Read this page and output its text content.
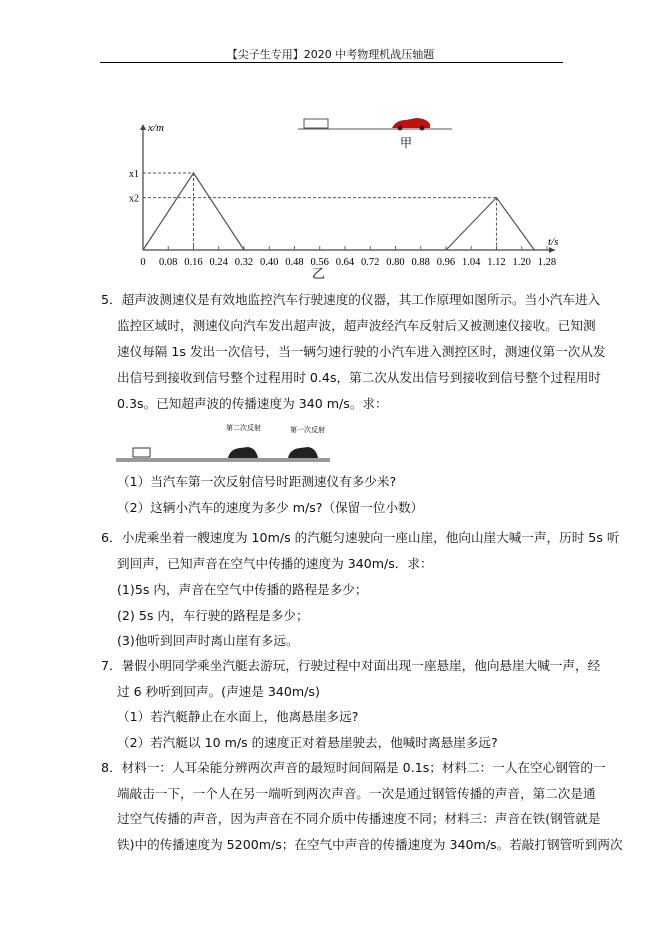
【尖子生专用】2020 中考物理机战压轴题
甲
x/m
t/s
0 0.08 0.16 0.24 0.32 0.40 0.48 0.56 0.64 0.72 0.80 0.88 0.96 1.04 1.12 1.20 1.28
x1
x2
乙
5．超声波测速仪是有效地监控汽车行驶速度的仪器，其工作原理如图所示。当小汽车进入
监控区域时，测速仪向汽车发出超声波，超声波经汽车反射后又被测速仪接收。已知测
速仪每隔 1s 发出一次信号，当一辆匀速行驶的小汽车进入测控区时，测速仪第一次从发
出信号到接收到信号整个过程用时 0.4s，第二次从发出信号到接收到信号整个过程用时
0.3s。已知超声波的传播速度为 340 m/s。求：
（1）当汽车第一次反射信号时距测速仪有多少米?
（2）这辆小汽车的速度为多少 m/s?（保留一位小数）
第二次反射	第一次反射
6．小虎乘坐着一艘速度为 10m/s 的汽艇匀速驶向一座山崖，他向山崖大喊一声，历时 5s 听
到回声，已知声音在空气中传播的速度为 340m/s．求：
(1)5s 内，声音在空气中传播的路程是多少；
(2) 5s 内，车行驶的路程是多少；
(3)他听到回声时离山崖有多远。
7．暑假小明同学乘坐汽艇去游玩，行驶过程中对面出现一座悬崖，他向悬崖大喊一声，经
过 6 秒听到回声。(声速是 340m/s)
（1）若汽艇静止在水面上，他离悬崖多远?
（2）若汽艇以 10 m/s 的速度正对着悬崖驶去，他喊时离悬崖多远?
8．材料一：人耳朵能分辨两次声音的最短时间间隔是 0.1s；材料二：一人在空心钢管的一
端敲击一下，一个人在另一端听到两次声音。一次是通过钢管传播的声音，第二次是通
过空气传播的声音，因为声音在不同介质中传播速度不同；材料三：声音在铁(钢管就是
铁)中的传播速度为 5200m/s；在空气中声音的传播速度为 340m/s。若敲打钢管听到两次
